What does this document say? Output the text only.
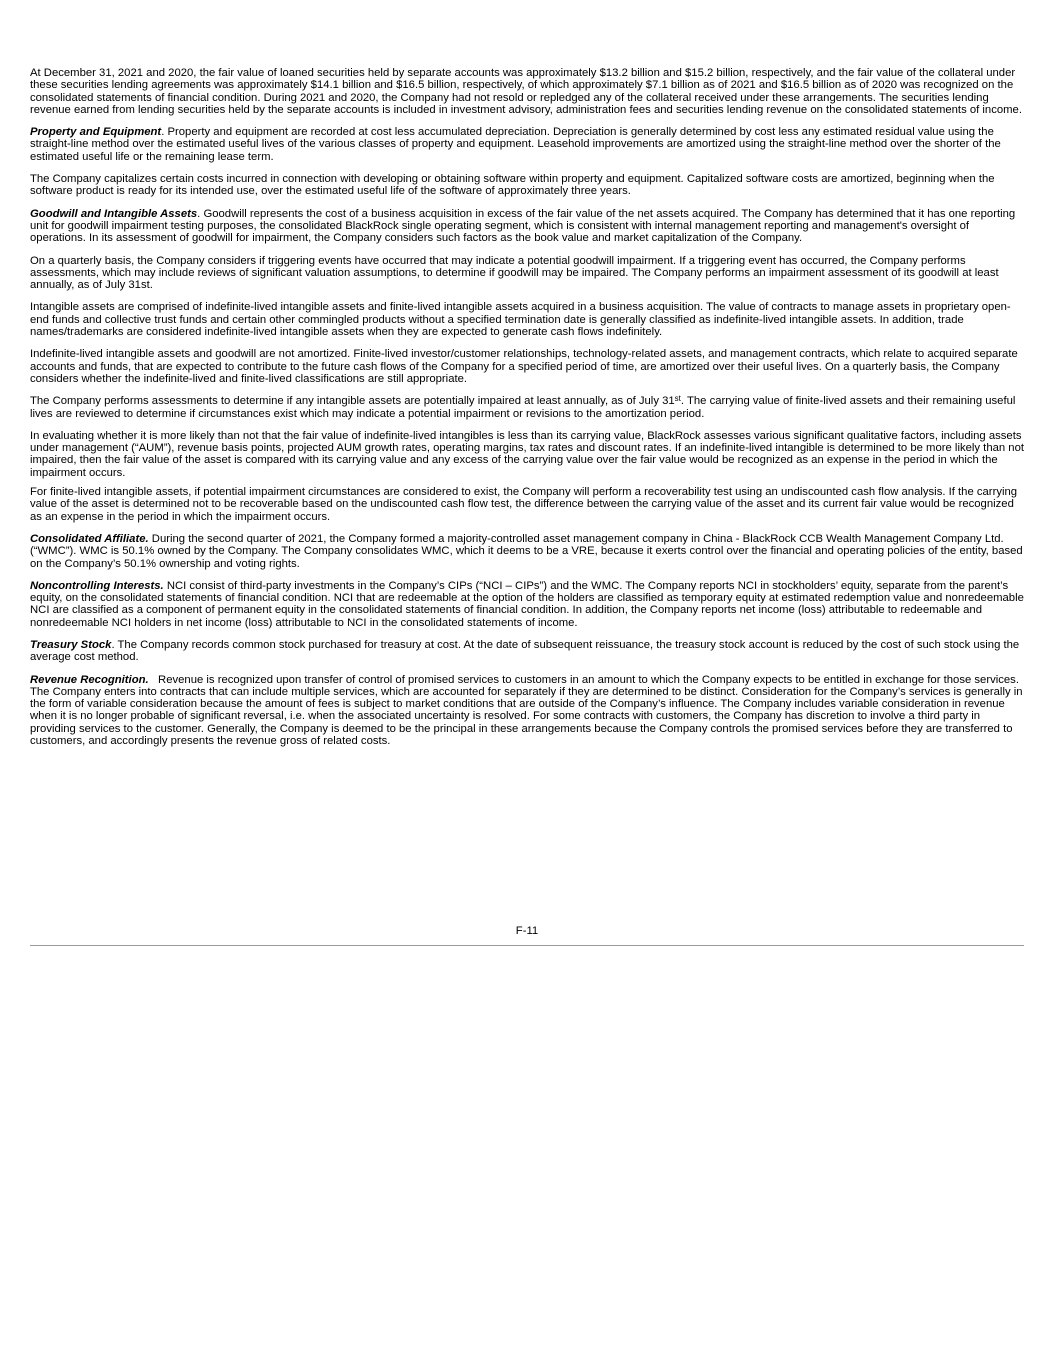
At December 31, 2021 and 2020, the fair value of loaned securities held by separate accounts was approximately $13.2 billion and $15.2 billion, respectively, and the fair value of the collateral under these securities lending agreements was approximately $14.1 billion and $16.5 billion, respectively, of which approximately $7.1 billion as of 2021 and $16.5 billion as of 2020 was recognized on the consolidated statements of financial condition. During 2021 and 2020, the Company had not resold or repledged any of the collateral received under these arrangements. The securities lending revenue earned from lending securities held by the separate accounts is included in investment advisory, administration fees and securities lending revenue on the consolidated statements of income.

Property and Equipment. Property and equipment are recorded at cost less accumulated depreciation. Depreciation is generally determined by cost less any estimated residual value using the straight-line method over the estimated useful lives of the various classes of property and equipment. Leasehold improvements are amortized using the straight-line method over the shorter of the estimated useful life or the remaining lease term.

The Company capitalizes certain costs incurred in connection with developing or obtaining software within property and equipment. Capitalized software costs are amortized, beginning when the software product is ready for its intended use, over the estimated useful life of the software of approximately three years.

Goodwill and Intangible Assets. Goodwill represents the cost of a business acquisition in excess of the fair value of the net assets acquired. The Company has determined that it has one reporting unit for goodwill impairment testing purposes, the consolidated BlackRock single operating segment, which is consistent with internal management reporting and management's oversight of operations. In its assessment of goodwill for impairment, the Company considers such factors as the book value and market capitalization of the Company.

On a quarterly basis, the Company considers if triggering events have occurred that may indicate a potential goodwill impairment. If a triggering event has occurred, the Company performs assessments, which may include reviews of significant valuation assumptions, to determine if goodwill may be impaired. The Company performs an impairment assessment of its goodwill at least annually, as of July 31st.

Intangible assets are comprised of indefinite-lived intangible assets and finite-lived intangible assets acquired in a business acquisition. The value of contracts to manage assets in proprietary open-end funds and collective trust funds and certain other commingled products without a specified termination date is generally classified as indefinite-lived intangible assets. In addition, trade names/trademarks are considered indefinite-lived intangible assets when they are expected to generate cash flows indefinitely.

Indefinite-lived intangible assets and goodwill are not amortized. Finite-lived investor/customer relationships, technology-related assets, and management contracts, which relate to acquired separate accounts and funds, that are expected to contribute to the future cash flows of the Company for a specified period of time, are amortized over their useful lives. On a quarterly basis, the Company considers whether the indefinite-lived and finite-lived classifications are still appropriate.

The Company performs assessments to determine if any intangible assets are potentially impaired at least annually, as of July 31st. The carrying value of finite-lived assets and their remaining useful lives are reviewed to determine if circumstances exist which may indicate a potential impairment or revisions to the amortization period.

In evaluating whether it is more likely than not that the fair value of indefinite-lived intangibles is less than its carrying value, BlackRock assesses various significant qualitative factors, including assets under management (“AUM”), revenue basis points, projected AUM growth rates, operating margins, tax rates and discount rates. If an indefinite-lived intangible is determined to be more likely than not impaired, then the fair value of the asset is compared with its carrying value and any excess of the carrying value over the fair value would be recognized as an expense in the period in which the impairment occurs.

For finite-lived intangible assets, if potential impairment circumstances are considered to exist, the Company will perform a recoverability test using an undiscounted cash flow analysis. If the carrying value of the asset is determined not to be recoverable based on the undiscounted cash flow test, the difference between the carrying value of the asset and its current fair value would be recognized as an expense in the period in which the impairment occurs.

Consolidated Affiliate. During the second quarter of 2021, the Company formed a majority-controlled asset management company in China - BlackRock CCB Wealth Management Company Ltd. (“WMC”). WMC is 50.1% owned by the Company. The Company consolidates WMC, which it deems to be a VRE, because it exerts control over the financial and operating policies of the entity, based on the Company’s 50.1% ownership and voting rights.

Noncontrolling Interests. NCI consist of third-party investments in the Company’s CIPs (“NCI – CIPs”) and the WMC. The Company reports NCI in stockholders’ equity, separate from the parent’s equity, on the consolidated statements of financial condition. NCI that are redeemable at the option of the holders are classified as temporary equity at estimated redemption value and nonredeemable NCI are classified as a component of permanent equity in the consolidated statements of financial condition. In addition, the Company reports net income (loss) attributable to redeemable and nonredeemable NCI holders in net income (loss) attributable to NCI in the consolidated statements of income.

Treasury Stock. The Company records common stock purchased for treasury at cost. At the date of subsequent reissuance, the treasury stock account is reduced by the cost of such stock using the average cost method.

Revenue Recognition.   Revenue is recognized upon transfer of control of promised services to customers in an amount to which the Company expects to be entitled in exchange for those services. The Company enters into contracts that can include multiple services, which are accounted for separately if they are determined to be distinct. Consideration for the Company’s services is generally in the form of variable consideration because the amount of fees is subject to market conditions that are outside of the Company’s influence. The Company includes variable consideration in revenue when it is no longer probable of significant reversal, i.e. when the associated uncertainty is resolved. For some contracts with customers, the Company has discretion to involve a third party in providing services to the customer. Generally, the Company is deemed to be the principal in these arrangements because the Company controls the promised services before they are transferred to customers, and accordingly presents the revenue gross of related costs.

F-11
